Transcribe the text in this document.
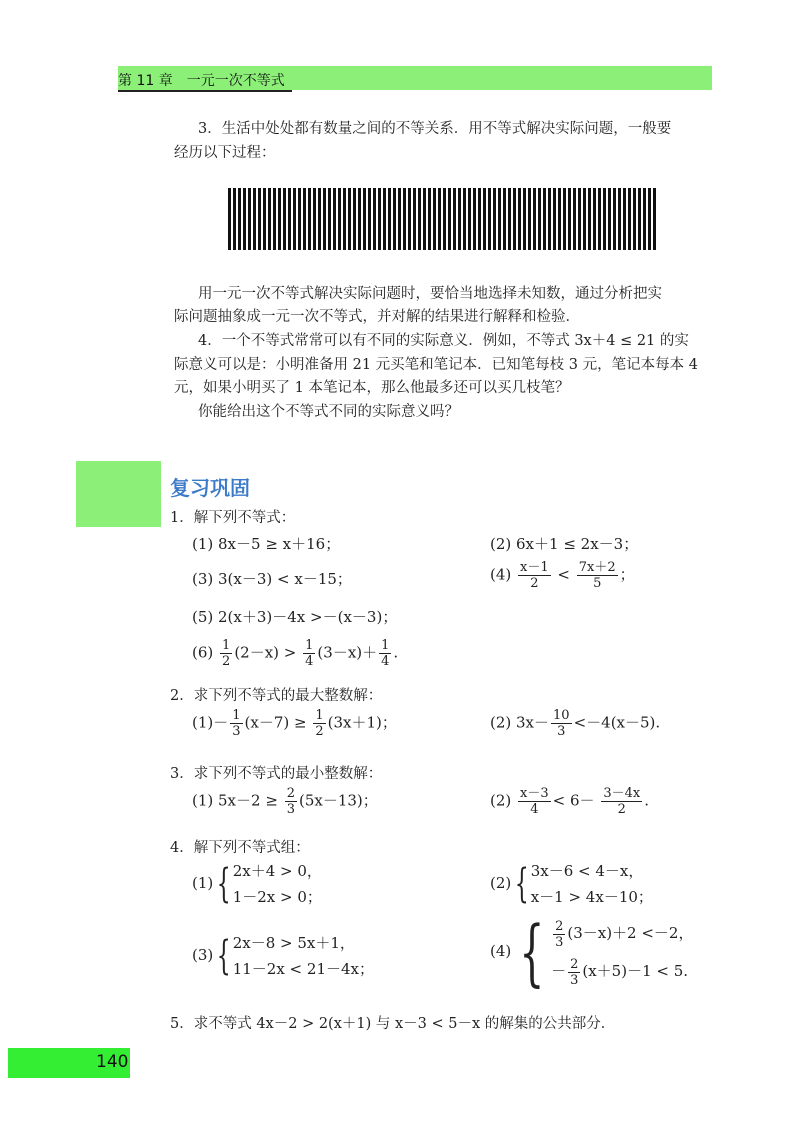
第 11 章　一元一次不等式
3．生活中处处都有数量之间的不等关系．用不等式解决实际问题，一般要
经历以下过程：
用一元一次不等式解决实际问题时，要恰当地选择未知数，通过分析把实
际问题抽象成一元一次不等式，并对解的结果进行解释和检验．
4．一个不等式常常可以有不同的实际意义．例如，不等式 3x＋4 ≤ 21 的实
际意义可以是：小明准备用 21 元买笔和笔记本．已知笔每枝 3 元，笔记本每本 4
元，如果小明买了 1 本笔记本，那么他最多还可以买几枝笔？
你能给出这个不等式不同的实际意义吗？
复习巩固
1．解下列不等式：
(1) 8x－5 ≥ x＋16；	(2) 6x＋1 ≤ 2x－3；
(3) 3(x－3) < x－15；	$(4) \frac{x-1}{2} < \frac{7x+2}{5}$ ；
(5) 2(x＋3)－4x >－(x－3)；
$(6) \frac{1}{2} (2-x) > \frac{1}{4} (3-x)+ \frac{1}{4}$ .
2．求下列不等式的最大整数解：
$(1)- \frac{1}{3} (x-7) \ge \frac{1}{2} (3x+1)$；	(2) $3x- \frac{10}{3} <-4(x-5)$.
3．求下列不等式的最小整数解：
(1) $5x-2 \ge \frac{2}{3} (5x-13)$；	$(2) \frac{x-3}{4} < 6- \frac{3-4x}{2}$ .
4．解下列不等式组：
(1){ 2x＋4 > 0，
1－2x > 0；
(2){ 3x－6 < 4－x，
x－1 > 4x－10；
(3){ 2x－8 > 5x＋1，
11－2x < 21－4x；
(4) { $\frac{2}{3} (3-x)+2 <-2$，
－ $\frac{2}{3} (x+5)-1 < 5$.
5．求不等式 4x－2 > 2(x＋1) 与 x－3 < 5－x 的解集的公共部分．
140
